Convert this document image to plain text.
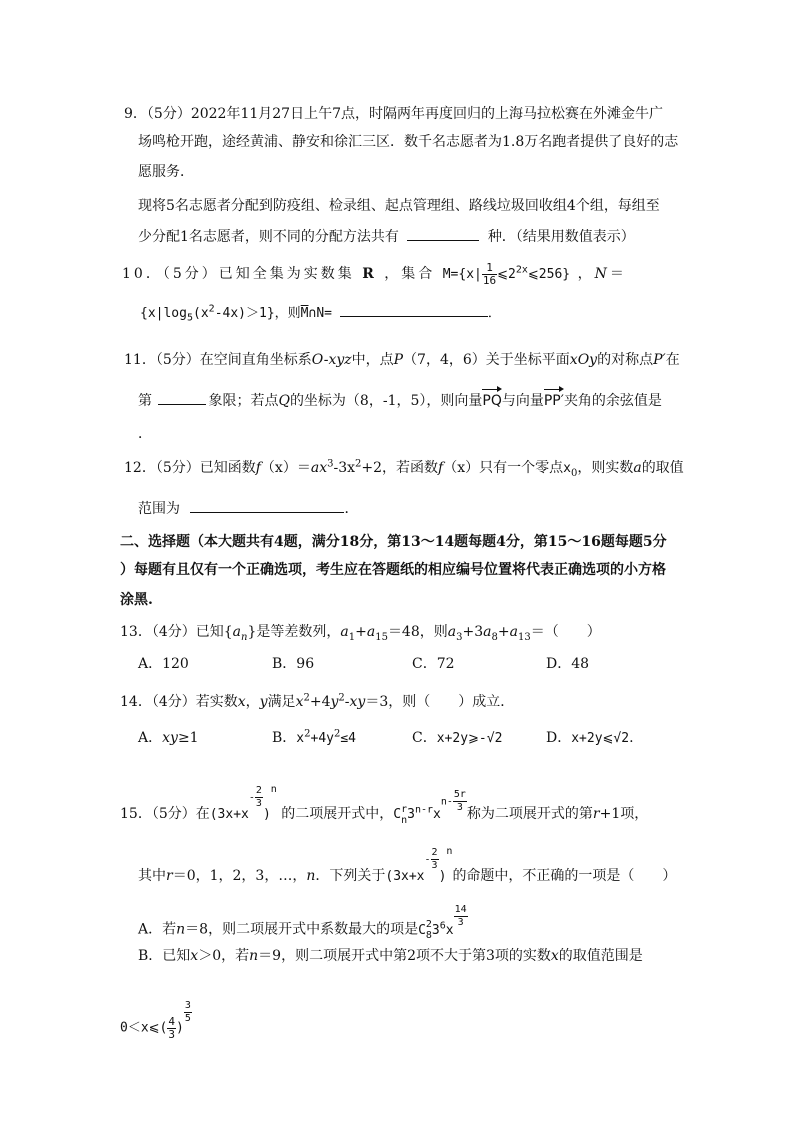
9．（5分）2022年11月27日上午7点，时隔两年再度回归的上海马拉松赛在外滩金牛广
场鸣枪开跑，途经黄浦、静安和徐汇三区．数千名志愿者为1.8万名跑者提供了良好的志
愿服务．
现将5名志愿者分配到防疫组、检录组、起点管理组、路线垃圾回收组4个组，每组至
少分配1名志愿者，则不同的分配方法共有	种．（结果用数值表示）
10．（5分）已知全集为实数集 R ，集合 $M=\{x| \frac{1}{16}$ $⩽2^{2x}⩽256$} ，N＝
$\{x|\log_5(x^2-4x)>1\}$，则$\overline{M}\cap N=$	．
11．（5分）在空间直角坐标系O-xyz中，点P（7，4，6）关于坐标平面xOy的对称点P′在
第	象限；若点Q的坐标为（8，-1，5），则向量PQ与向量PP′夹角的余弦值是
．
12．（5分）已知函数$f(x)=ax^3-3x^2+2$，若函数f（x）只有一个零点$x_0$，则实数a的取值
范围为	．
二、选择题（本大题共有4题，满分18分，第13～14题每题4分，第15～16题每题5分
）每题有且仅有一个正确选项，考生应在答题纸的相应编号位置将代表正确选项的小方格
涂黑.
13．（4分）已知$\{a_n\}$是等差数列，$a_1+a_{15}=48$，则$a_3+3a_8+a_{13}=$（　　）
A．120	B．96	C．72	D．48
14．（4分）若实数x，y满足$x^2+4y^2-xy=3$，则（　　）成立．
A．xy≥1	B．$x^2+4y^2\le 4$	C．x+2y⩾-√2	D．x+2y⩽√2.
15．（5分）在($3x+x- \frac{2}{3}$
)n 的二项展开式中，C r
n $3^{n-r}xn- \frac{5r}{3}$
称为二项展开式的第r+1项，
其中r＝0，1，2，3，…，n．下列关于($3x+x- \frac{2}{3}$
)n的命题中，不正确的一项是（　　）
A．若n＝8，则二项展开式中系数最大的项是C 2
8 $3^6x$
$\frac{14}{3}$
B．已知x＞0，若n＝9，则二项展开式中第2项不大于第3项的实数x的取值范围是
0＜x⩽( $\frac{4}{3}$ )
$\frac{3}{5}$
